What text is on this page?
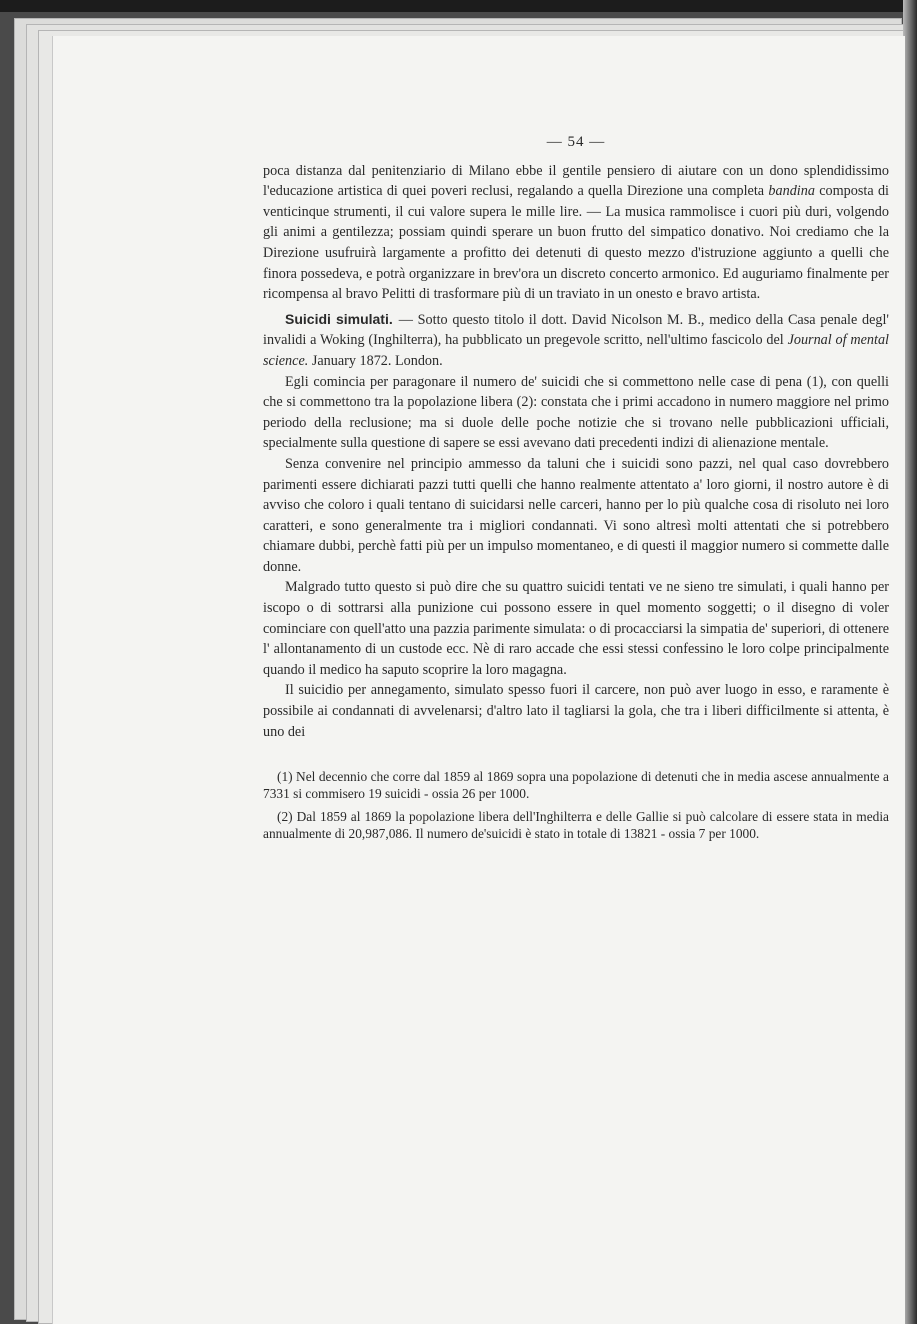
— 54 —

poca distanza dal penitenziario di Milano ebbe il gentile pensiero di aiutare con un dono splendidissimo l'educazione artistica di quei poveri reclusi, regalando a quella Direzione una completa bandina composta di venticinque strumenti, il cui valore supera le mille lire. — La musica rammolisce i cuori più duri, volgendo gli animi a gentilezza; possiam quindi sperare un buon frutto del simpatico donativo. Noi crediamo che la Direzione usufruirà largamente a profitto dei detenuti di questo mezzo d'istruzione aggiunto a quelli che finora possedeva, e potrà organizzare in brev'ora un discreto concerto armonico. Ed auguriamo finalmente per ricompensa al bravo Pelitti di trasformare più di un traviato in un onesto e bravo artista.

Suicidi simulati. — Sotto questo titolo il dott. David Nicolson M. B., medico della Casa penale degl' invalidi a Woking (Inghilterra), ha pubblicato un pregevole scritto, nell'ultimo fascicolo del Journal of mental science. January 1872. London.

Egli comincia per paragonare il numero de' suicidi che si commettono nelle case di pena (1), con quelli che si commettono tra la popolazione libera (2): constata che i primi accadono in numero maggiore nel primo periodo della reclusione; ma si duole delle poche notizie che si trovano nelle pubblicazioni ufficiali, specialmente sulla questione di sapere se essi avevano dati precedenti indizi di alienazione mentale.

Senza convenire nel principio ammesso da taluni che i suicidi sono pazzi, nel qual caso dovrebbero parimenti essere dichiarati pazzi tutti quelli che hanno realmente attentato a' loro giorni, il nostro autore è di avviso che coloro i quali tentano di suicidarsi nelle carceri, hanno per lo più qualche cosa di risoluto nei loro caratteri, e sono generalmente tra i migliori condannati. Vi sono altresì molti attentati che si potrebbero chiamare dubbi, perchè fatti più per un impulso momentaneo, e di questi il maggior numero si commette dalle donne.

Malgrado tutto questo si può dire che su quattro suicidi tentati ve ne sieno tre simulati, i quali hanno per iscopo o di sottrarsi alla punizione cui possono essere in quel momento soggetti; o il disegno di voler cominciare con quell'atto una pazzia parimente simulata: o di procacciarsi la simpatia de' superiori, di ottenere l' allontanamento di un custode ecc. Nè di raro accade che essi stessi confessino le loro colpe principalmente quando il medico ha saputo scoprire la loro magagna.

Il suicidio per annegamento, simulato spesso fuori il carcere, non può aver luogo in esso, e raramente è possibile ai condannati di avvelenarsi; d'altro lato il tagliarsi la gola, che tra i liberi difficilmente si attenta, è uno dei

(1) Nel decennio che corre dal 1859 al 1869 sopra una popolazione di detenuti che in media ascese annualmente a 7331 si commisero 19 suicidi - ossia 26 per 1000.

(2) Dal 1859 al 1869 la popolazione libera dell'Inghilterra e delle Gallie si può calcolare di essere stata in media annualmente di 20,987,086. Il numero de'suicidi è stato in totale di 13821 - ossia 7 per 1000.
